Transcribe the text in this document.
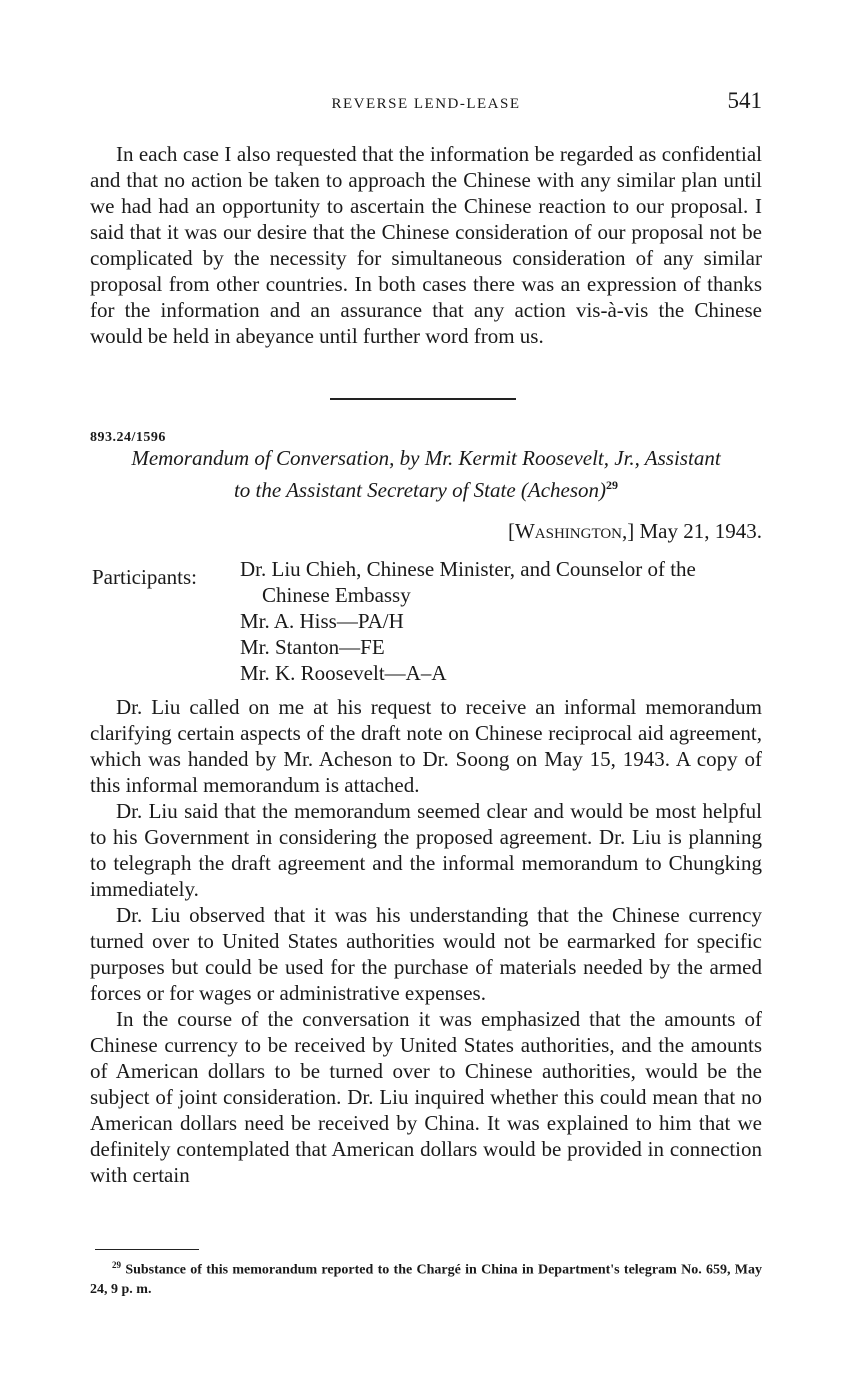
REVERSE LEND-LEASE	541

In each case I also requested that the information be regarded as confidential and that no action be taken to approach the Chinese with any similar plan until we had had an opportunity to ascertain the Chinese reaction to our proposal. I said that it was our desire that the Chinese consideration of our proposal not be complicated by the necessity for simultaneous consideration of any similar proposal from other countries. In both cases there was an expression of thanks for the information and an assurance that any action vis-à-vis the Chinese would be held in abeyance until further word from us.

893.24/1596
Memorandum of Conversation, by Mr. Kermit Roosevelt, Jr., Assistant
to the Assistant Secretary of State (Acheson)$^{29}$
[Washington,] May 21, 1943.
Participants: Dr. Liu Chieh, Chinese Minister, and Counselor of the
Chinese Embassy
Mr. A. Hiss—PA/H
Mr. Stanton—FE
Mr. K. Roosevelt—A–A

Dr. Liu called on me at his request to receive an informal memorandum clarifying certain aspects of the draft note on Chinese reciprocal aid agreement, which was handed by Mr. Acheson to Dr. Soong on May 15, 1943. A copy of this informal memorandum is attached.

Dr. Liu said that the memorandum seemed clear and would be most helpful to his Government in considering the proposed agreement. Dr. Liu is planning to telegraph the draft agreement and the informal memorandum to Chungking immediately.

Dr. Liu observed that it was his understanding that the Chinese currency turned over to United States authorities would not be earmarked for specific purposes but could be used for the purchase of materials needed by the armed forces or for wages or administrative expenses.

In the course of the conversation it was emphasized that the amounts of Chinese currency to be received by United States authorities, and the amounts of American dollars to be turned over to Chinese authorities, would be the subject of joint consideration. Dr. Liu inquired whether this could mean that no American dollars need be received by China. It was explained to him that we definitely contemplated that American dollars would be provided in connection with certain

$^{29}$ Substance of this memorandum reported to the Chargé in China in Department's telegram No. 659, May 24, 9 p. m.
